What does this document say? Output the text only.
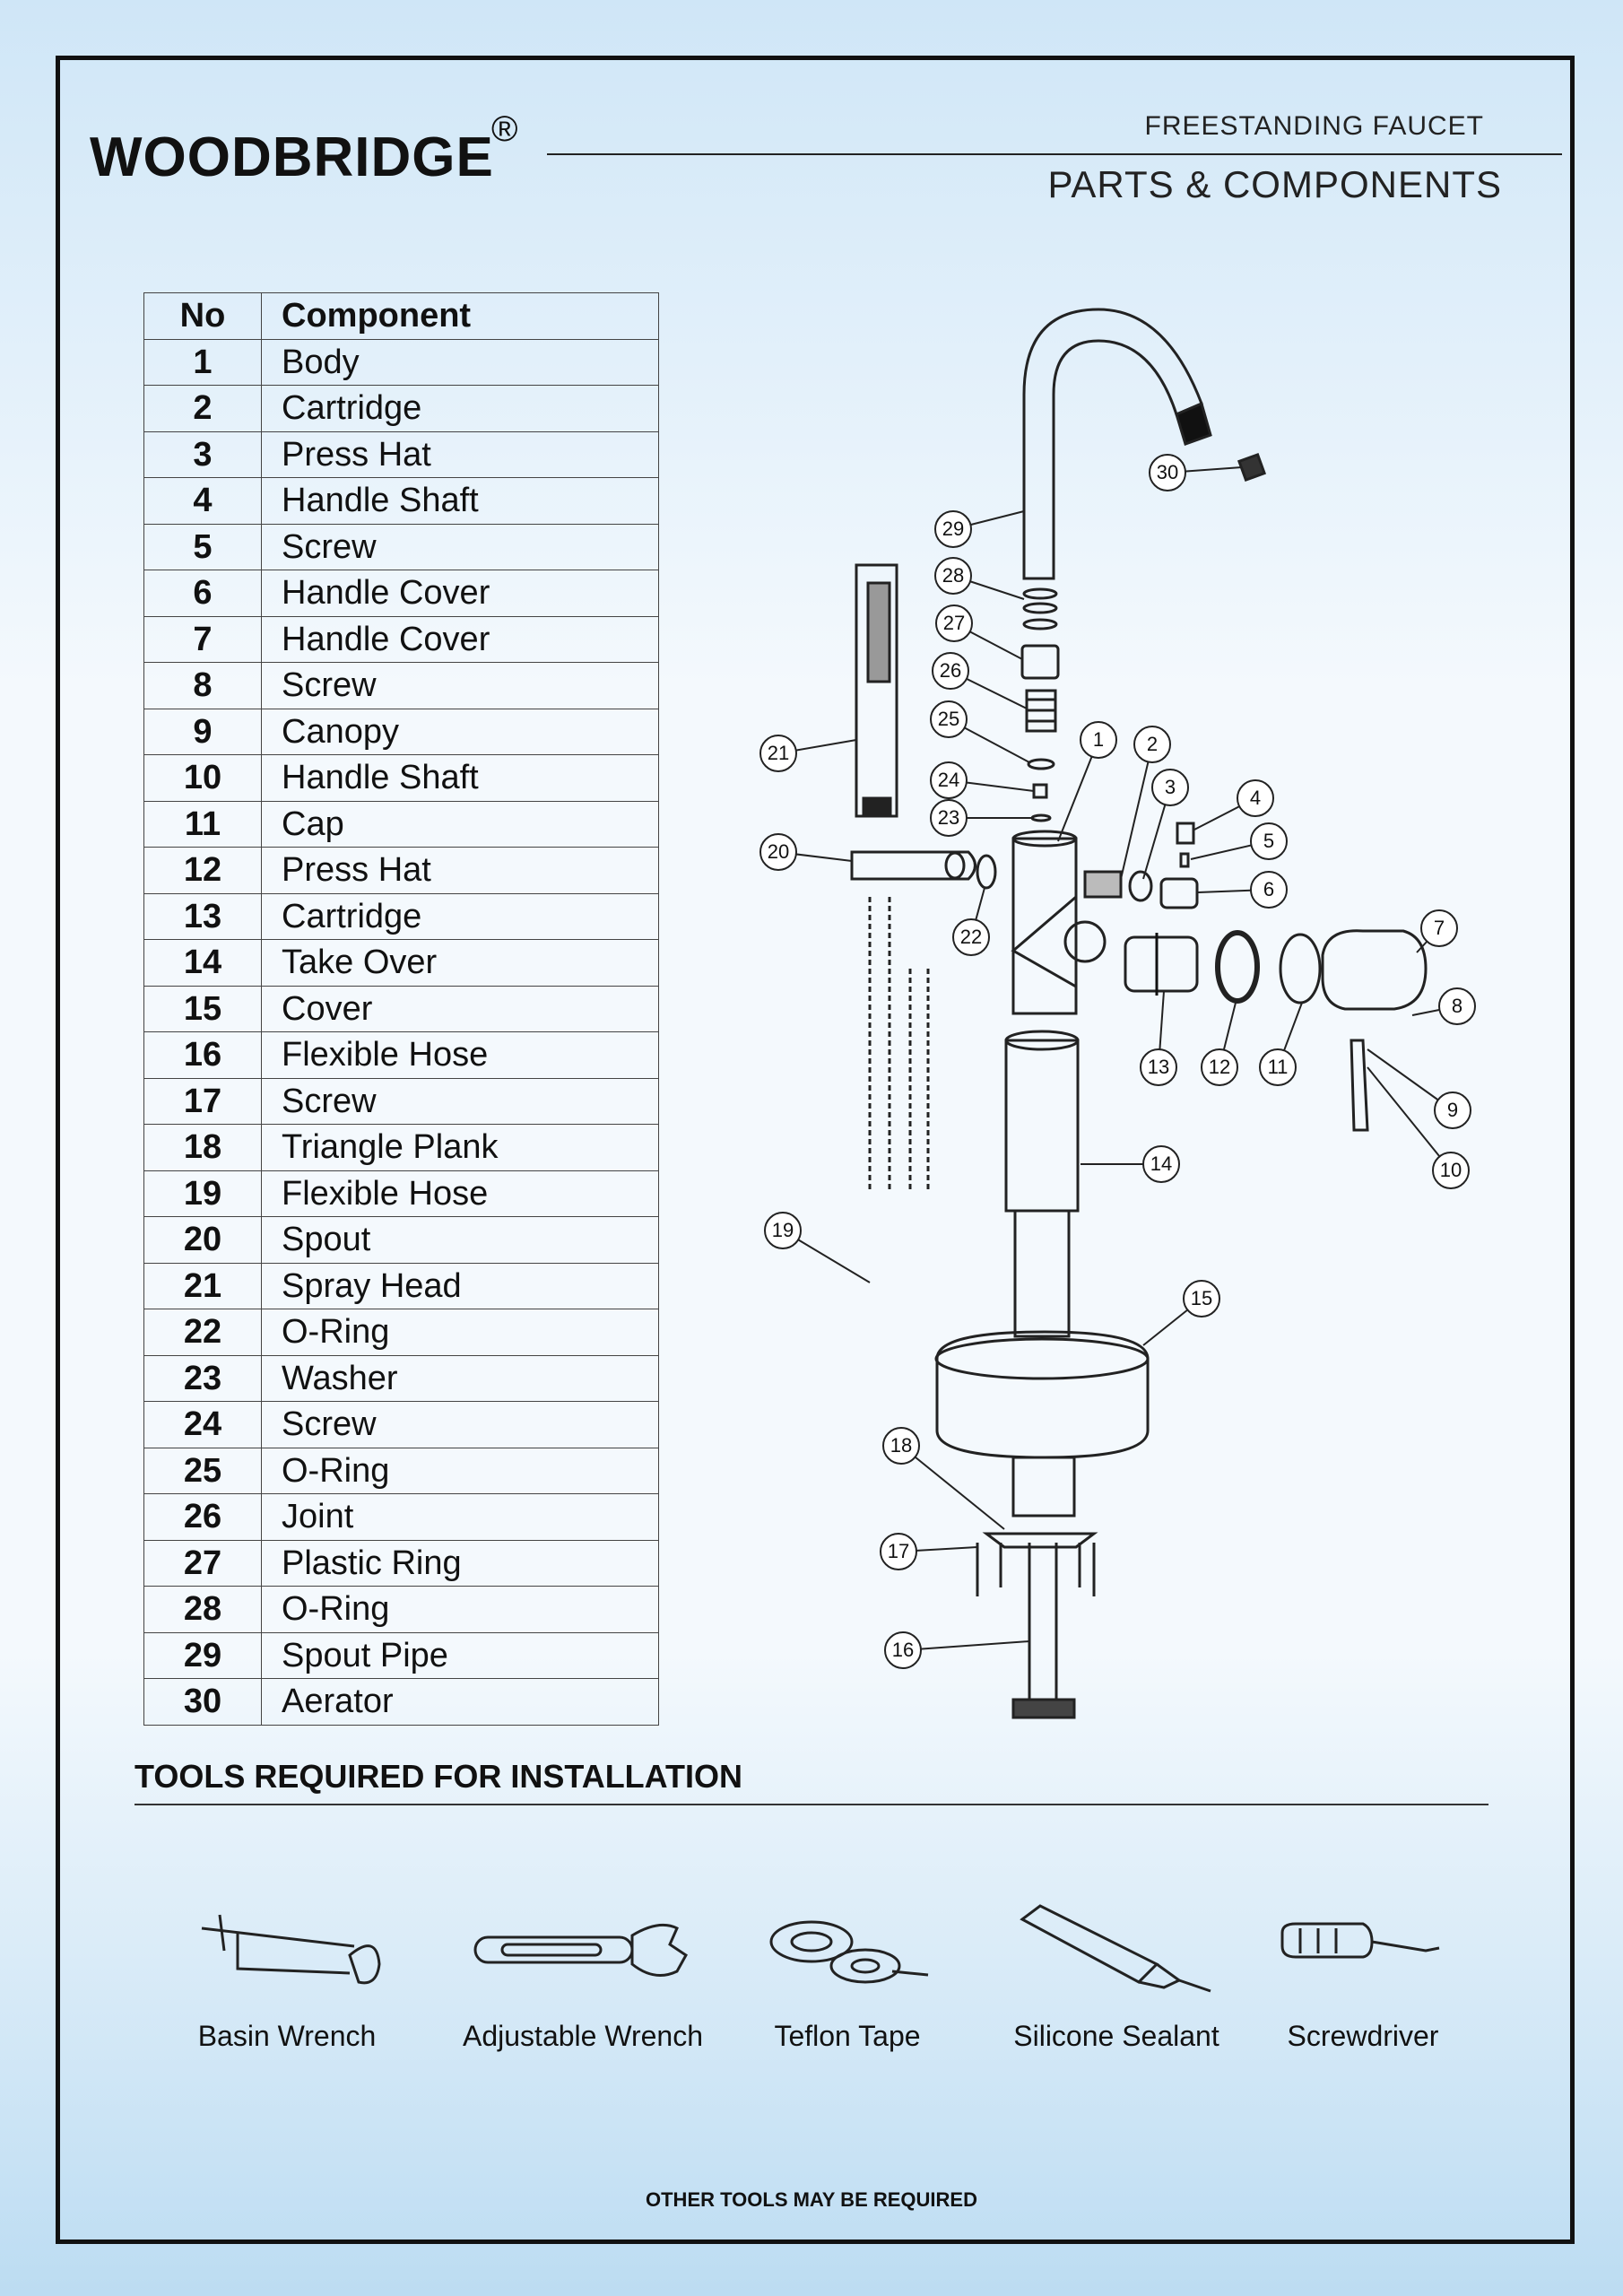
WOODBRIDGE
®	FREESTANDING FAUCET
PARTS & COMPONENTS
No	Component
1	Body
2	Cartridge
3	Press Hat
4	Handle Shaft
5	Screw
6	Handle Cover
7	Handle Cover
8	Screw
9	Canopy
10	Handle Shaft
11	Cap
12	Press Hat
13	Cartridge
14	Take Over
15	Cover
16	Flexible Hose
17	Screw
18	Triangle Plank
19	Flexible Hose
20	Spout
21	Spray Head
22	O-Ring
23	Washer
24	Screw
25	O-Ring
26	Joint
27	Plastic Ring
28	O-Ring
29	Spout Pipe
30	Aerator
1 2
3	4
5
6
7
8
9
10
11
12
13
14
15
16
17
18
19
20
21
22
23
24
25
26
27
28
29
30
TOOLS REQUIRED FOR INSTALLATION
Basin Wrench	Adjustable Wrench	Teflon Tape	Silicone Sealant	Screwdriver
OTHER TOOLS MAY BE REQUIRED
